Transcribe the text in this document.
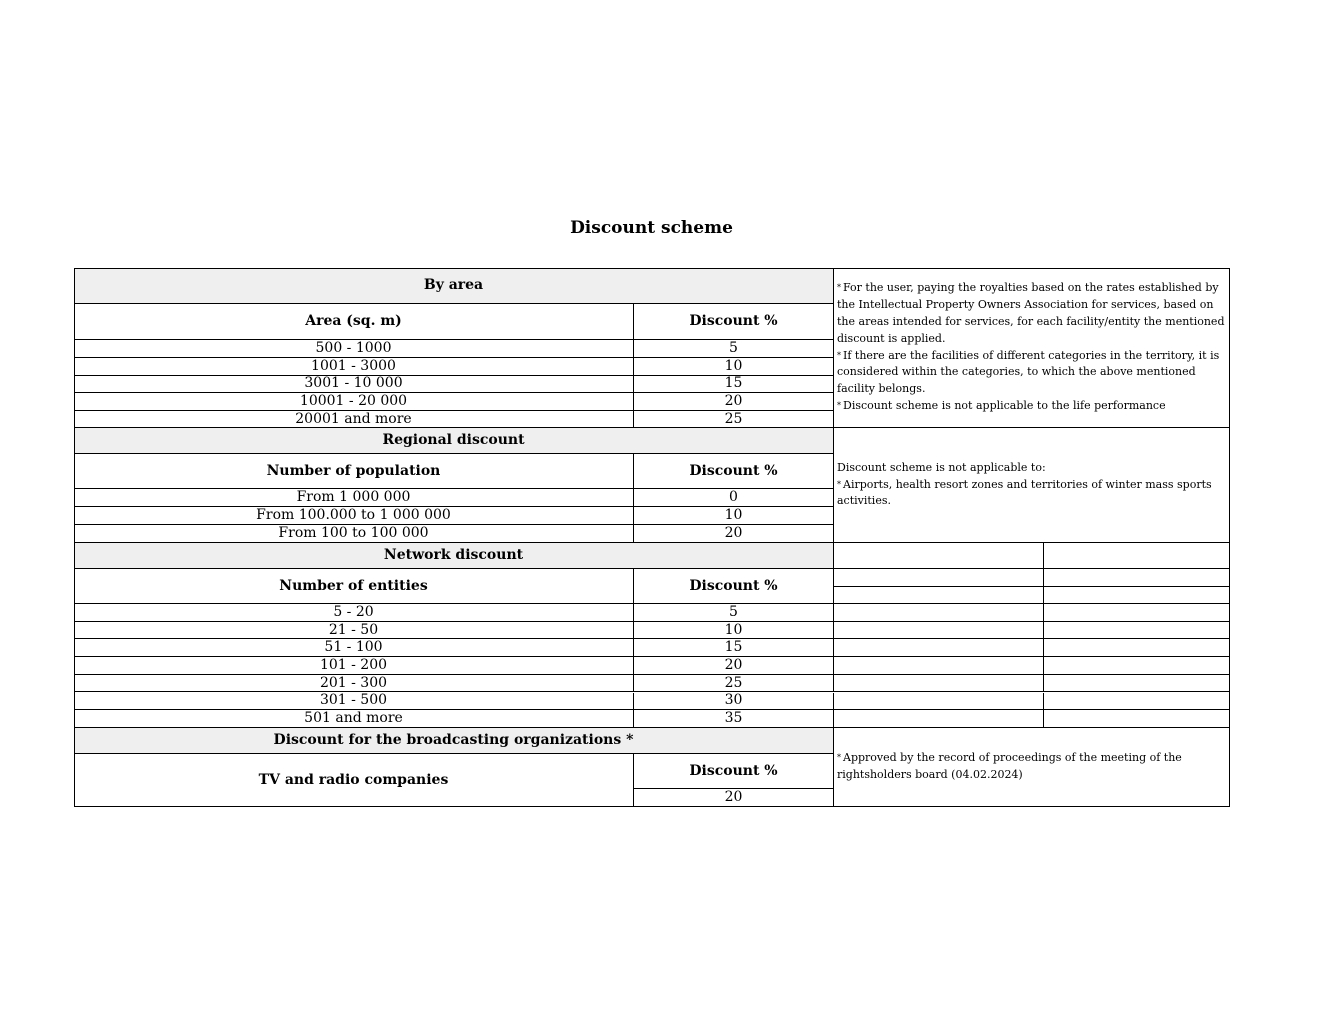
Discount scheme
By area
Area (sq. m)	Discount %
500 - 1000	5
1001 - 3000	10
3001 - 10 000	15
10001 - 20 000	20
20001 and more	25

* For the user, paying the royalties based on the rates established by the Intellectual Property Owners Association for services, based on the areas intended for services, for each facility/entity the mentioned discount is applied.

* If there are the facilities of different categories in the territory, it is considered within the categories, to which the above mentioned facility belongs.

* Discount scheme is not applicable to the life performance

Regional discount
Number of population	Discount %
From 1 000 000	0
From 100.000 to 1 000 000	10
From 100 to 100 000	20

Discount scheme is not applicable to:

* Airports, health resort zones and territories of winter mass sports activities.

Network discount
Number of entities	Discount %
5 - 20	5
21 - 50	10
51 - 100	15
101 - 200	20
201 - 300	25
301 - 500	30
501 and more	35
Discount for the broadcasting organizations *
TV and radio companies
Discount %
20

* Approved by the record of proceedings of the meeting of the rightsholders board (04.02.2024)
